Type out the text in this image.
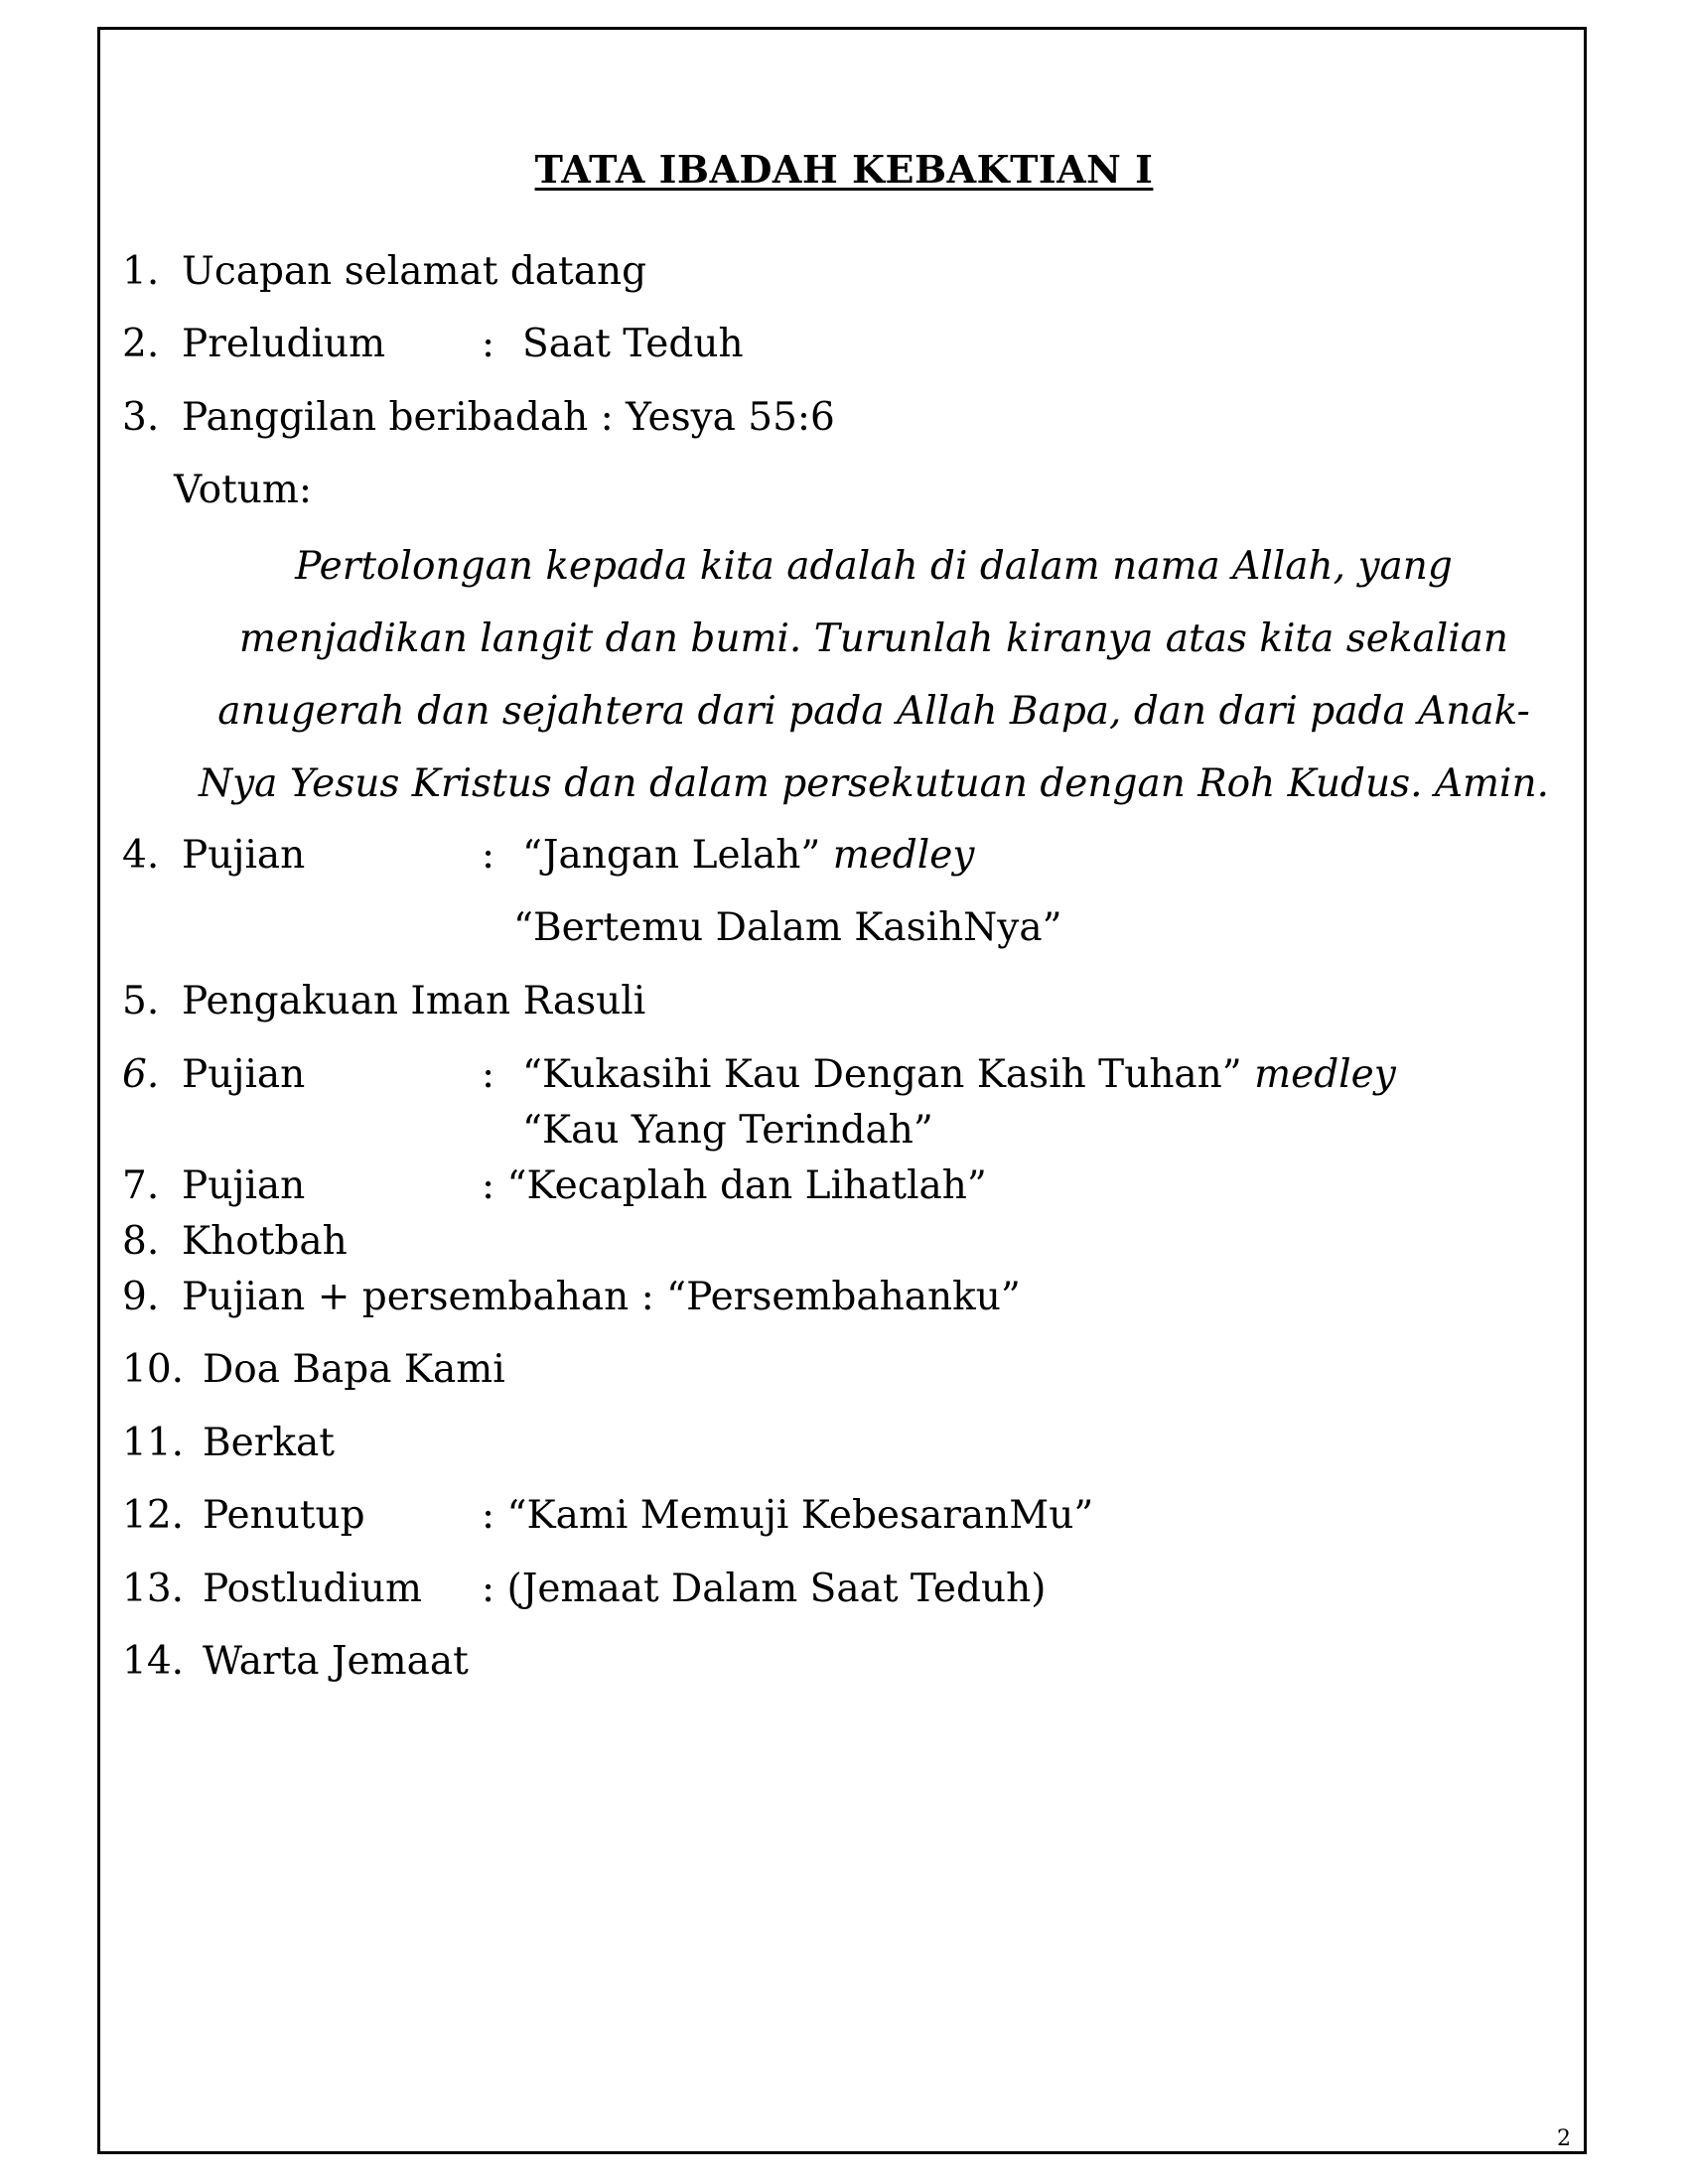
TATA IBADAH KEBAKTIAN I
1. Ucapan selamat datang
2. Preludium : Saat Teduh
3. Panggilan beribadah : Yesya 55:6
Votum:
Pertolongan kepada kita adalah di dalam nama Allah, yang
menjadikan langit dan bumi. Turunlah kiranya atas kita sekalian
anugerah dan sejahtera dari pada Allah Bapa, dan dari pada Anak-
Nya Yesus Kristus dan dalam persekutuan dengan Roh Kudus. Amin.
4. Pujian	: “Jangan Lelah” medley
“Bertemu Dalam KasihNya”
5. Pengakuan Iman Rasuli
6. Pujian	: “Kukasihi Kau Dengan Kasih Tuhan” medley
“Kau Yang Terindah”
7. Pujian	: “Kecaplah dan Lihatlah”
8. Khotbah
9. Pujian + persembahan : “Persembahanku”
10. Doa Bapa Kami
11. Berkat
12. Penutup	: “Kami Memuji KebesaranMu”
13. Postludium : (Jemaat Dalam Saat Teduh)
14. Warta Jemaat
2
